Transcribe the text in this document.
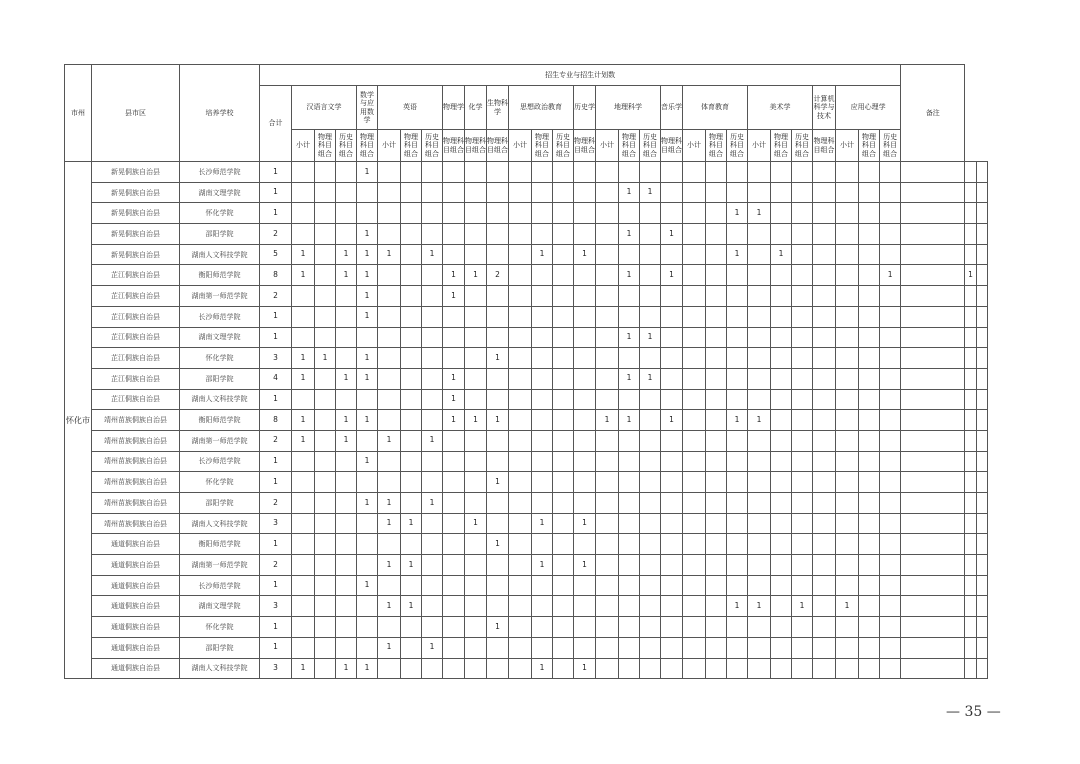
市州	县市区	培养学校	招生专业与招生计划数																													备注		
			合计	汉语言文学			数学与应用数学	英语			物理学	化学	生物科学	思想政治教育			历史学	地理科学			音乐学	体育教育			美术学			计算机科学与技术	应用心理学					
				小计	物理科目组合	历史科目组合	物理科目组合	小计	物理科目组合	历史科目组合	物理科目组合	物理科目组合	物理科目组合	小计	物理科目组合	历史科目组合	物理科目组合	小计	物理科目组合	历史科目组合	物理科目组合	小计	物理科目组合	历史科目组合	小计	物理科目组合	历史科目组合	物理科目组合	小计	物理科目组合	历史科目组合			
怀化市	新晃侗族自治县	长沙师范学院	1				1																											
	新晃侗族自治县	湖南文理学院	1																1	1														
	新晃侗族自治县	怀化学院	1																					1	1									
	新晃侗族自治县	邵阳学院	2				1												1		1													
	新晃侗族自治县	湖南人文科技学院	5	1		1	1	1		1					1		1							1		1								
	芷江侗族自治县	衡阳师范学院	8	1		1	1				1	1	2						1		1										1		1	
	芷江侗族自治县	湖南第一师范学院	2				1				1																							
	芷江侗族自治县	长沙师范学院	1				1																											
	芷江侗族自治县	湖南文理学院	1																1	1														
	芷江侗族自治县	怀化学院	3	1	1		1						1																					
	芷江侗族自治县	邵阳学院	4	1		1	1				1								1	1														
	芷江侗族自治县	湖南人文科技学院	1								1																							
	靖州苗族侗族自治县	衡阳师范学院	8	1		1	1				1	1	1					1	1		1			1	1									
	靖州苗族侗族自治县	湖南第一师范学院	2	1		1		1		1																								
	靖州苗族侗族自治县	长沙师范学院	1				1																											
	靖州苗族侗族自治县	怀化学院	1										1																					
	靖州苗族侗族自治县	邵阳学院	2				1	1		1																								
	靖州苗族侗族自治县	湖南人文科技学院	3					1	1			1			1		1																	
	通道侗族自治县	衡阳师范学院	1										1																					
	通道侗族自治县	湖南第一师范学院	2					1	1						1		1																	
	通道侗族自治县	长沙师范学院	1				1																											
	通道侗族自治县	湖南文理学院	3					1	1															1	1		1		1					
	通道侗族自治县	怀化学院	1										1																					
	通道侗族自治县	邵阳学院	1					1		1																								
	通道侗族自治县	湖南人文科技学院	3	1		1	1								1		1																	
— 35 —
